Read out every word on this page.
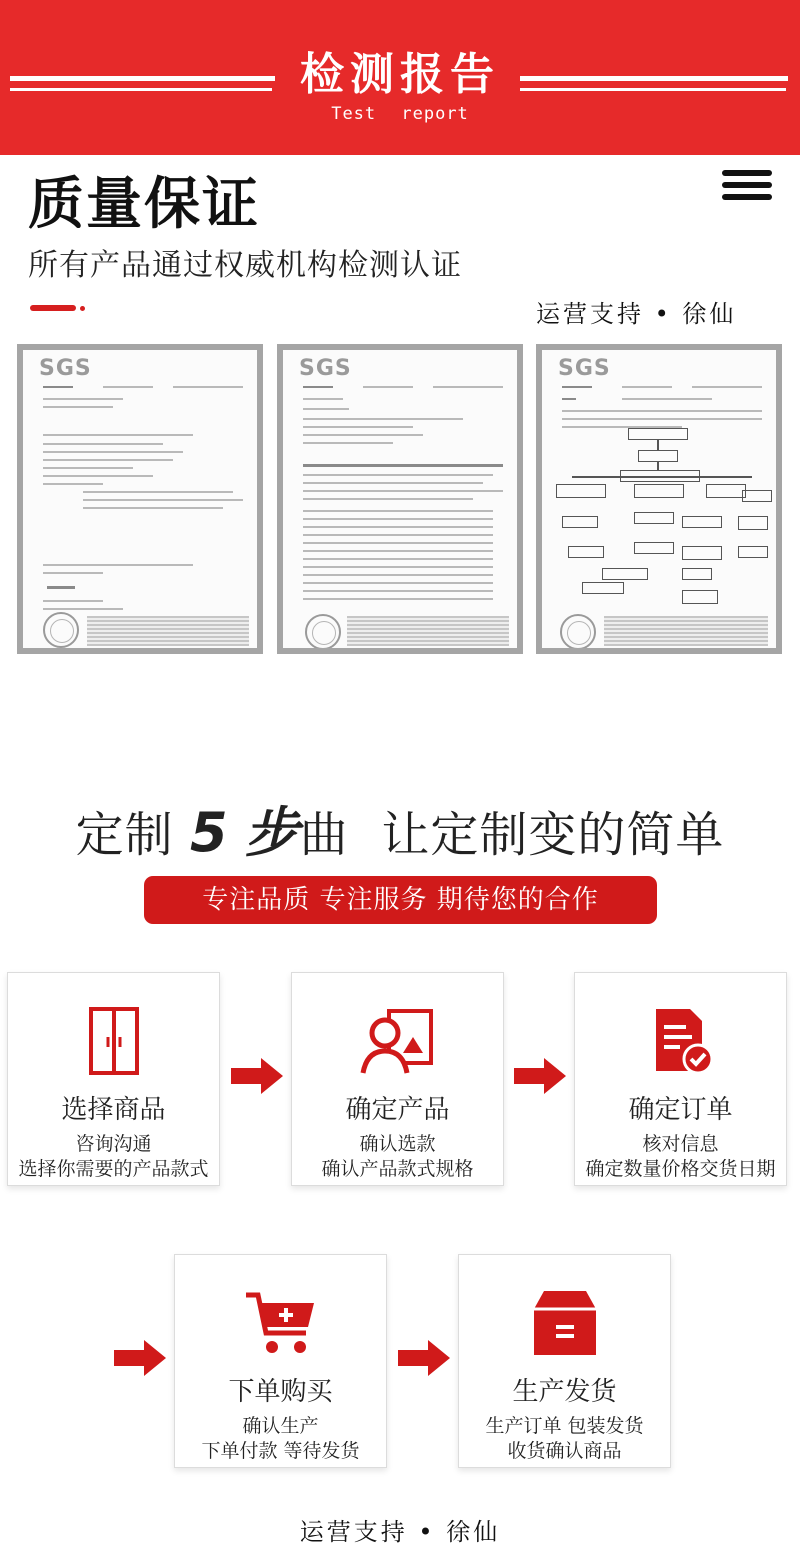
检测报告
Test report
质量保证
所有产品通过权威机构检测认证
运营支持 • 徐仙
SGS	SGS	SGS
定制 5 步曲  让定制变的简单
专注品质 专注服务 期待您的合作
选择商品
咨询沟通
选择你需要的产品款式
确定产品
确认选款
确认产品款式规格
确定订单
核对信息
确定数量价格交货日期
下单购买
确认生产
下单付款 等待发货
生产发货
生产订单 包装发货
收货确认商品
运营支持 • 徐仙
